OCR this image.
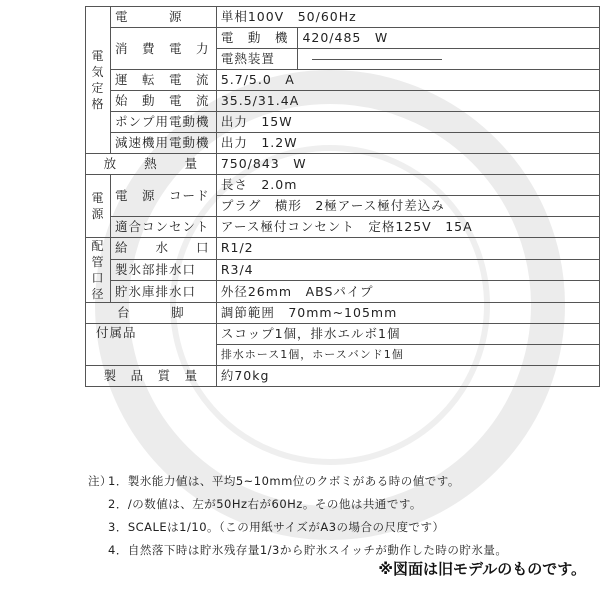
電気定格	電　　　源	単相100V　50/60Hz	
	消　費　電　力	電　動　機	420/485　W
		電熱装置	
	運　転　電　流	5.7/5.0　A	
	始　動　電　流	35.5/31.4A	
	ポンプ用電動機	出力　15W	
	減速機用電動機	出力　1.2W	
放　　熱　　量		750/843　W	
電源	電　源　コード	長さ　2.0m	
		プラグ　横形　2極アース極付差込み	
	適合コンセント	アース極付コンセント　定格125V　15A	
配管口径	給　　水　　口	R1/2	
	製氷部排水口	R3/4	
	貯氷庫排水口	外径26mm　ABSパイプ	
台　　　脚		調節範囲　70mm~105mm	
付属品		スコップ1個，排水エルボ1個	
		排水ホース1個，ホースバンド1個	
製　品　質　量		約70kg	
注）1．製氷能力値は、平均5~10mm位のクボミがある時の値です。
2．/の数値は、左が50Hz右が60Hz。その他は共通です。
3．SCALEは1/10。（この用紙サイズがA3の場合の尺度です）
4．自然落下時は貯氷残存量1/3から貯氷スイッチが動作した時の貯氷量。
※図面は旧モデルのものです。
